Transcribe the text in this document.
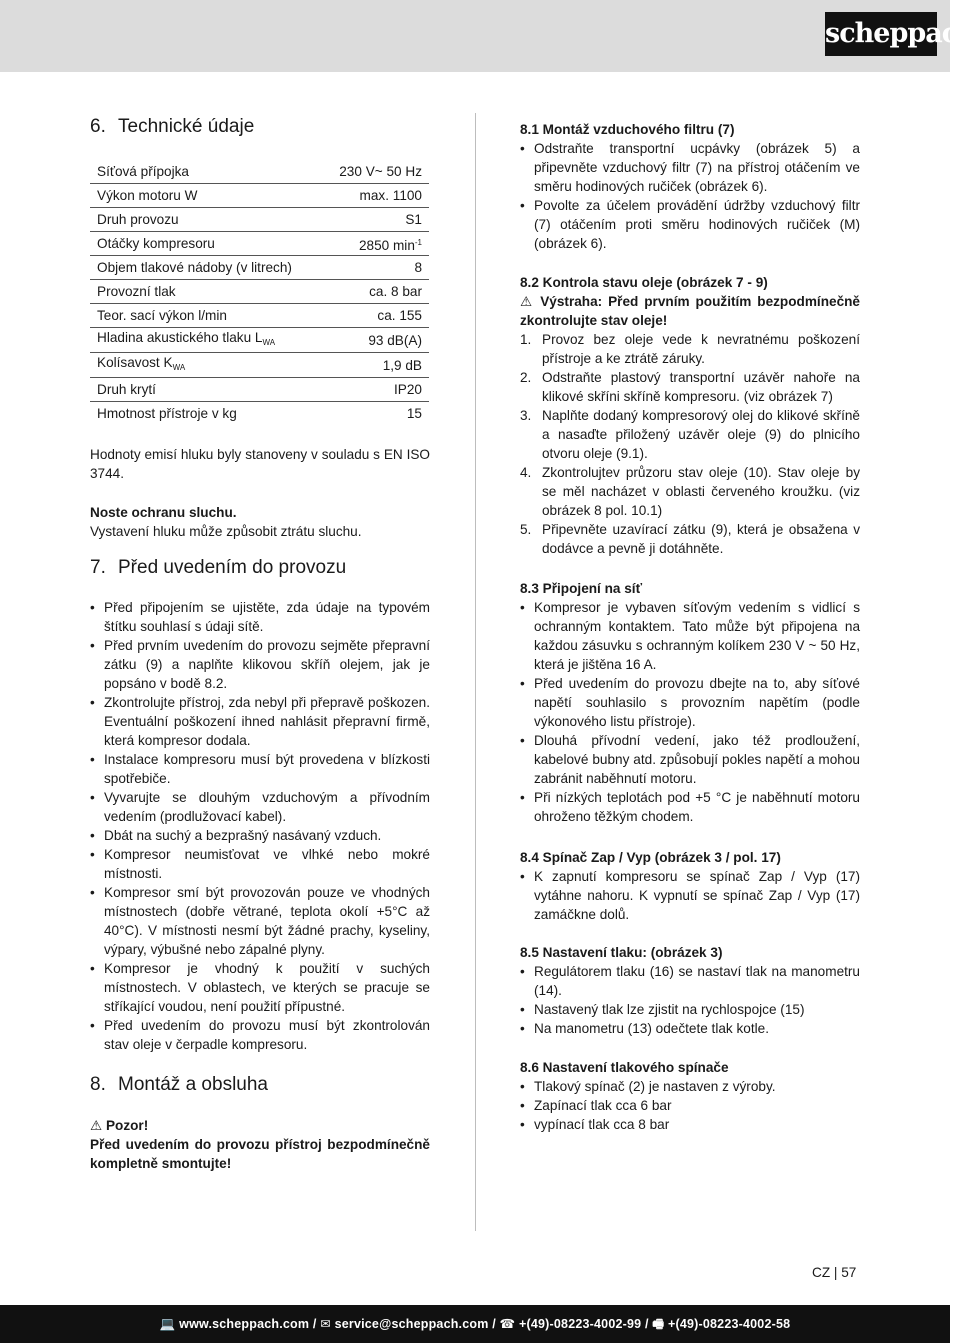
scheppach
6. Technické údaje
Síťová přípojka	230 V~ 50 Hz
Výkon motoru W	max. 1100
Druh provozu	S1
Otáčky kompresoru	2850 $\min^{-1}$
Objem tlakové nádoby (v litrech)	8
Provozní tlak	ca. 8 bar
Teor. sací výkon l/min	ca. 155
Hladina akustického tlaku $L_{WA}$	93 dB(A)
Kolísavost $K_{WA}$	1,9 dB
Druh krytí	IP20
Hmotnost přístroje v kg	15

Hodnoty emisí hluku byly stanoveny v souladu s EN ISO 3744.

Noste ochranu sluchu.

Vystavení hluku může způsobit ztrátu sluchu.

7. Před uvedením do provozu
• Před připojením se ujistěte, zda údaje na typovém štítku souhlasí s údaji sítě.
• Před prvním uvedením do provozu sejměte přepravní zátku (9) a naplňte klikovou skříň olejem, jak je popsáno v bodě 8.2.
• Zkontrolujte přístroj, zda nebyl při přepravě poškozen. Eventuální poškození ihned nahlásit přepravní firmě, která kompresor dodala.
• Instalace kompresoru musí být provedena v blízkosti spotřebiče.
• Vyvarujte se dlouhým vzduchovým a přívodním vedením (prodlužovací kabel).
• Dbát na suchý a bezprašný nasávaný vzduch.
• Kompresor neumisťovat ve vlhké nebo mokré místnosti.
• Kompresor smí být provozován pouze ve vhodných místnostech (dobře větrané, teplota okolí +5°C až 40°C). V místnosti nesmí být žádné prachy, kyseliny, výpary, výbušné nebo zápalné plyny.
• Kompresor je vhodný k použití v suchých místnostech. V oblastech, ve kterých se pracuje se stříkající voudou, není použití přípustné.
• Před uvedením do provozu musí být zkontrolován stav oleje v čerpadle kompresoru.
8. Montáž a obsluha

⚠ Pozor!

Před uvedením do provozu přístroj bezpodmínečně kompletně smontujte!

8.1 Montáž vzduchového filtru (7)

• Odstraňte transportní ucpávky (obrázek 5) a připevněte vzduchový filtr (7) na přístroj otáčením ve směru hodinových ručiček (obrázek 6).
• Povolte za účelem provádění údržby vzduchový filtr (7) otáčením proti směru hodinových ručiček (M) (obrázek 6).

8.2 Kontrola stavu oleje (obrázek 7 - 9)

⚠ Výstraha: Před prvním použitím bezpodmínečně zkontrolujte stav oleje!

1. Provoz bez oleje vede k nevratnému poškození přístroje a ke ztrátě záruky.
2. Odstraňte plastový transportní uzávěr nahoře na klikové skříni skříně kompresoru. (viz obrázek 7)
3. Naplňte dodaný kompresorový olej do klikové skříně a nasaďte přiložený uzávěr oleje (9) do plnicího otvoru oleje (9.1).
4. Zkontrolujtev průzoru stav oleje (10). Stav oleje by se měl nacházet v oblasti červeného kroužku. (viz obrázek 8 pol. 10.1)
5. Připevněte uzavírací zátku (9), která je obsažena v dodávce a pevně ji dotáhněte.

8.3 Připojení na síť

• Kompresor je vybaven síťovým vedením s vidlicí s ochranným kontaktem. Tato může být připojena na každou zásuvku s ochranným kolíkem 230 V ~ 50 Hz, která je jištěna 16 A.
• Před uvedením do provozu dbejte na to, aby síťové napětí souhlasilo s provozním napětím (podle výkonového listu přístroje).
• Dlouhá přívodní vedení, jako též prodloužení, kabelové bubny atd. způsobují pokles napětí a mohou zabránit naběhnutí motoru.
• Při nízkých teplotách pod +5 °C je naběhnutí motoru ohroženo těžkým chodem.

8.4 Spínač Zap / Vyp (obrázek 3 / pol. 17)

• K zapnutí kompresoru se spínač Zap / Vyp (17) vytáhne nahoru. K vypnutí se spínač Zap / Vyp (17) zamáčkne dolů.

8.5 Nastavení tlaku: (obrázek 3)

• Regulátorem tlaku (16) se nastaví tlak na manometru (14).
• Nastavený tlak lze zjistit na rychlospojce (15)
• Na manometru (13) odečtete tlak kotle.

8.6 Nastavení tlakového spínače

• Tlakový spínač (2) je nastaven z výroby.
• Zapínací tlak cca 6 bar
• vypínací tlak cca 8 bar
CZ | 57
💻 www.scheppach.com / ✉ service@scheppach.com / ☎ +(49)-08223-4002-99 / 🖷 +(49)-08223-4002-58
